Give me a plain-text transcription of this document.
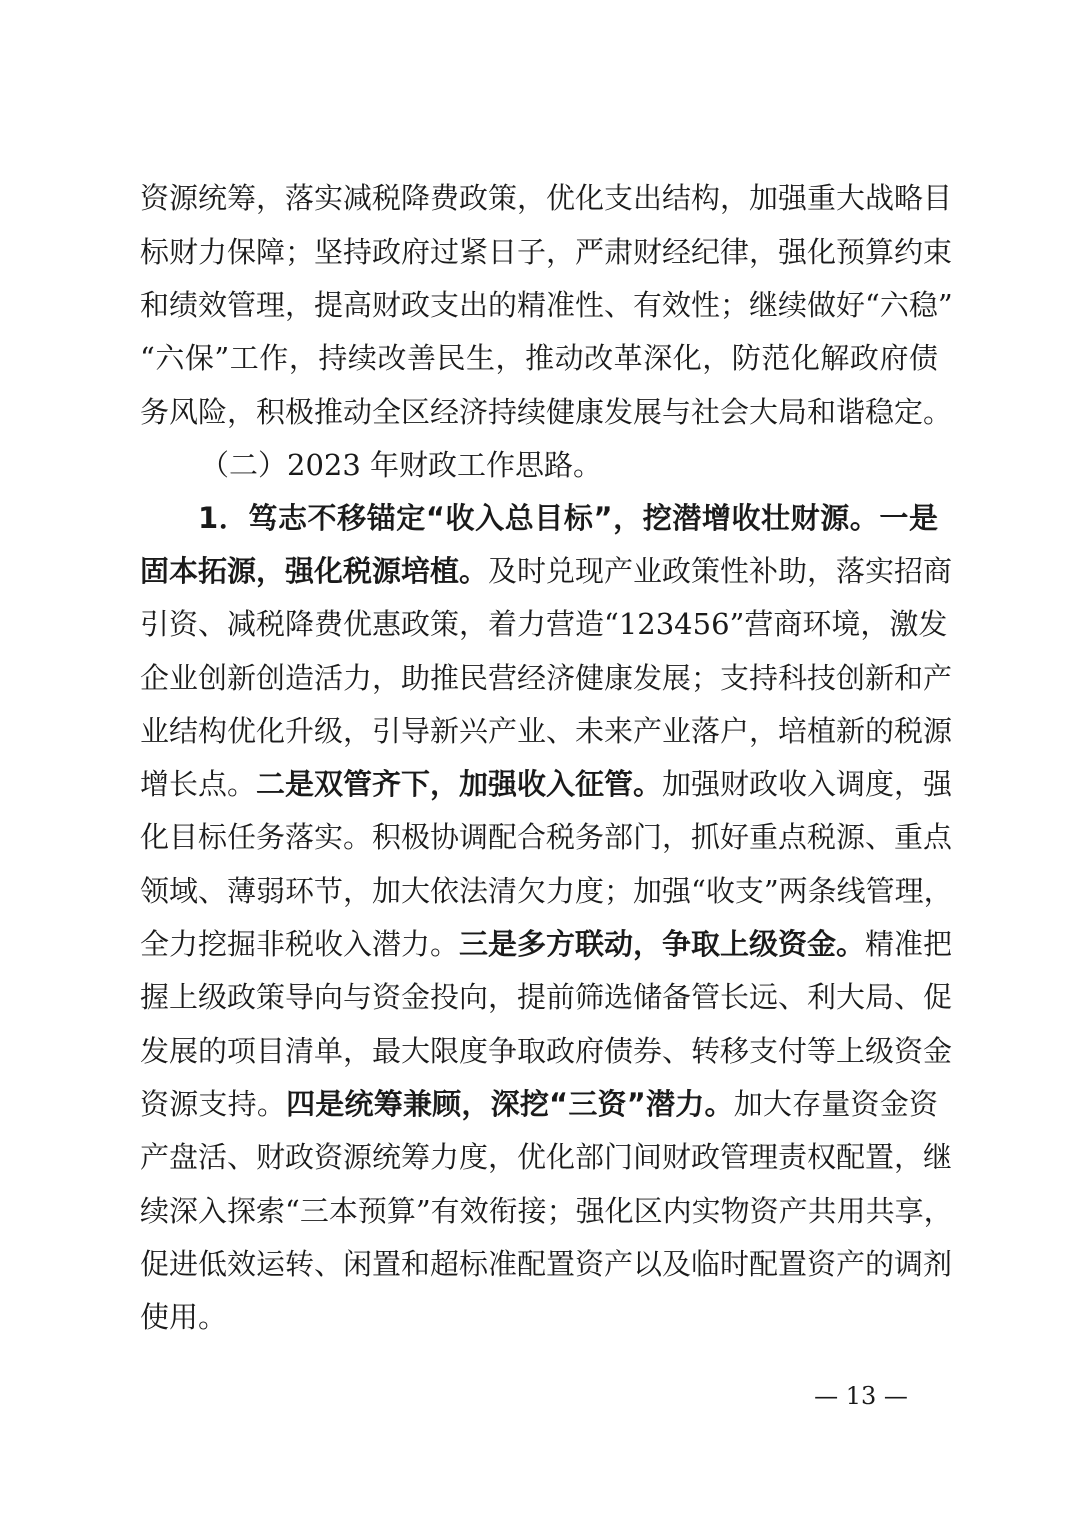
资源统筹，落实减税降费政策，优化支出结构，加强重大战略目
标财力保障；坚持政府过紧日子，严肃财经纪律，强化预算约束
和绩效管理，提高财政支出的精准性、有效性；继续做好“六稳”
“六保”工作，持续改善民生，推动改革深化，防范化解政府债
务风险，积极推动全区经济持续健康发展与社会大局和谐稳定。
（二）2023 年财政工作思路。
1．笃志不移锚定“收入总目标”，挖潜增收壮财源。一是
固本拓源，强化税源培植。及时兑现产业政策性补助，落实招商
引资、减税降费优惠政策，着力营造“123456”营商环境，激发
企业创新创造活力，助推民营经济健康发展；支持科技创新和产
业结构优化升级，引导新兴产业、未来产业落户，培植新的税源
增长点。二是双管齐下，加强收入征管。加强财政收入调度，强
化目标任务落实。积极协调配合税务部门，抓好重点税源、重点
领域、薄弱环节，加大依法清欠力度；加强“收支”两条线管理，
全力挖掘非税收入潜力。三是多方联动，争取上级资金。精准把
握上级政策导向与资金投向，提前筛选储备管长远、利大局、促
发展的项目清单，最大限度争取政府债券、转移支付等上级资金
资源支持。四是统筹兼顾，深挖“三资”潜力。加大存量资金资
产盘活、财政资源统筹力度，优化部门间财政管理责权配置，继
续深入探索“三本预算”有效衔接；强化区内实物资产共用共享，
促进低效运转、闲置和超标准配置资产以及临时配置资产的调剂
使用。
— 13 —
